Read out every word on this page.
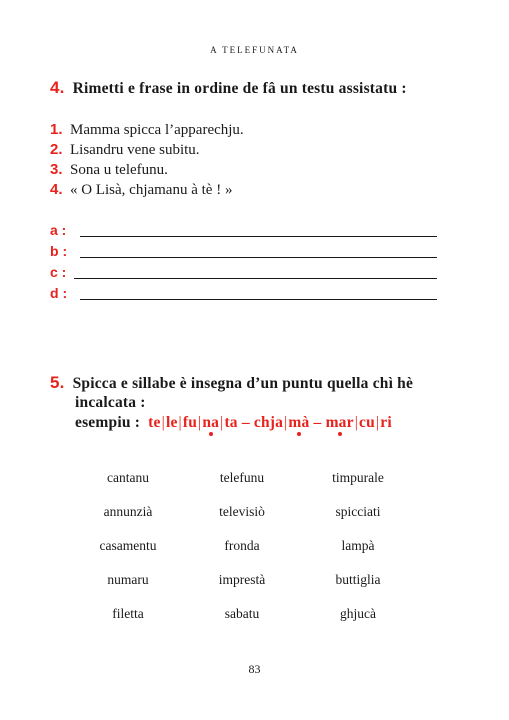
A TELEFUNATA
4. Rimetti e frase in ordine de fâ un testu assistatu :
1. Mamma spicca l’apparechju.
2. Lisandru vene subitu.
3. Sona u telefunu.
4. « O Lisà, chjamanu à tè ! »
a :
b :
c :
d :
5. Spicca e sillabe è insegna d’un puntu quella chì hè
incalcata :
esempiu : te|le|fu|na|ta – chja|mà – mar|cu|ri
cantanu	telefunu	timpurale
annunzià	televisiò	spicciati
casamentu	fronda	lampà
numaru	imprestà	buttiglia
filetta	sabatu	ghjucà
83
